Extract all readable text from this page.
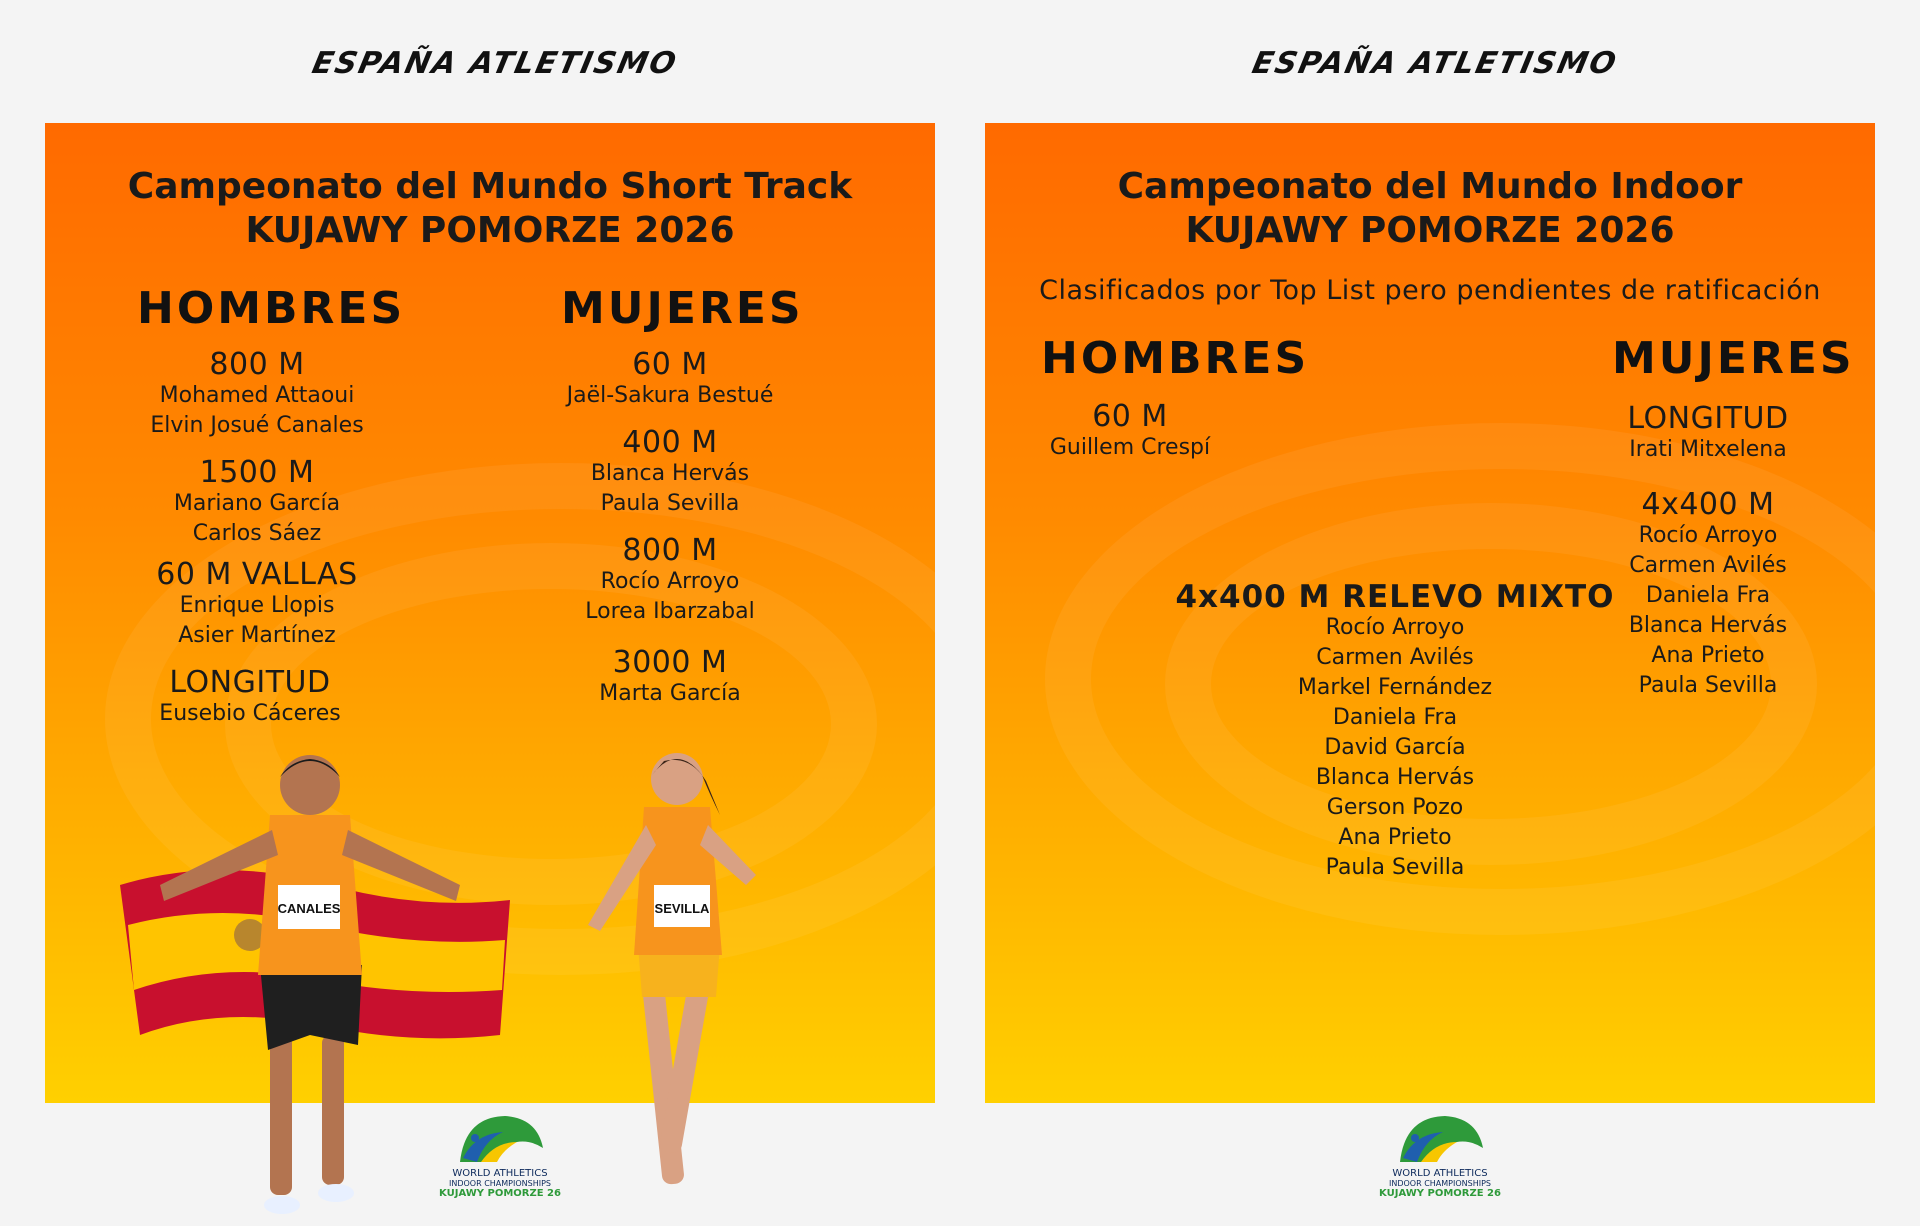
ESPAÑA ATLETISMO	ESPAÑA ATLETISMO
Campeonato del Mundo Short Track
KUJAWY POMORZE 2026
HOMBRES	MUJERES
800 M
Mohamed Attaoui
Elvin Josué Canales
1500 M
Mariano García
Carlos Sáez
60 M VALLAS
Enrique Llopis
Asier Martínez
LONGITUD
Eusebio Cáceres
60 M
Jaël-Sakura Bestué
400 M
Blanca Hervás
Paula Sevilla
800 M
Rocío Arroyo
Lorea Ibarzabal
3000 M
Marta García
CANALES	SEVILLA
Campeonato del Mundo Indoor
KUJAWY POMORZE 2026
Clasificados por Top List pero pendientes de ratificación
HOMBRES	MUJERES
60 M
Guillem Crespí
LONGITUD
Irati Mitxelena
4x400 M
Rocío Arroyo
Carmen Avilés
Daniela Fra
Blanca Hervás
Ana Prieto
Paula Sevilla
4x400 M RELEVO MIXTO
Rocío Arroyo
Carmen Avilés
Markel Fernández
Daniela Fra
David García
Blanca Hervás
Gerson Pozo
Ana Prieto
Paula Sevilla
WORLD ATHLETICS
INDOOR CHAMPIONSHIPS
KUJAWY POMORZE 26
WORLD ATHLETICS
INDOOR CHAMPIONSHIPS
KUJAWY POMORZE 26
